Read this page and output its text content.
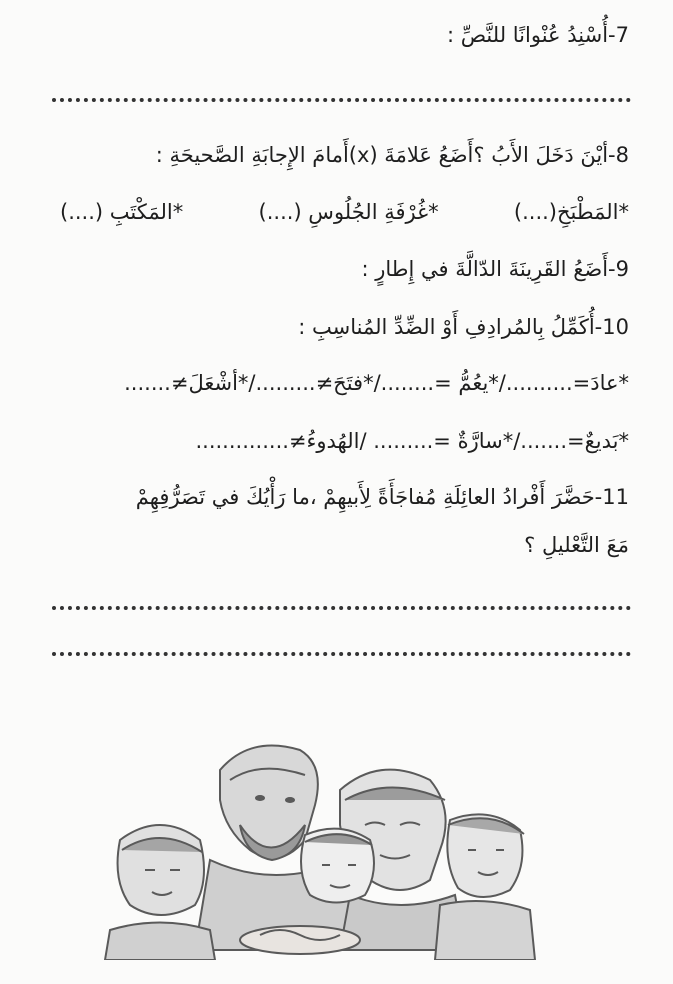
7-أُسْنِدُ عُنْوانًا للنَّصِّ :
8-أيْنَ دَخَلَ الأَبُ ؟أَضَعُ عَلامَةَ (x)أَمامَ الإِجابَةِ الصَّحيحَةِ :
*المَطْبَخِ(....)
*غُرْفَةِ الجُلُوسِ (....)
*المَكْتَبِ (....)
9-أَضَعُ القَرِينَةَ الدّالَّةَ في إِطارٍ :
10-أُكَمِّلُ بِالمُرادِفِ أَوْ الضِّدِّ المُناسِبِ :
*عادَ=........../*يعُمُّ =......../*فتَحَ≠........./*أشْعَلَ≠.......
*بَديعٌ=......./*سارَّةٌ =......... /الهُدوءُ≠..............
11-حَضَّرَ أَفْرادُ العائِلَةِ مُفاجَأَةً لِأَبيهِمْ ،ما رَأْيُكَ في تَصَرُّفِهِمْ
مَعَ التَّعْليلِ ؟
